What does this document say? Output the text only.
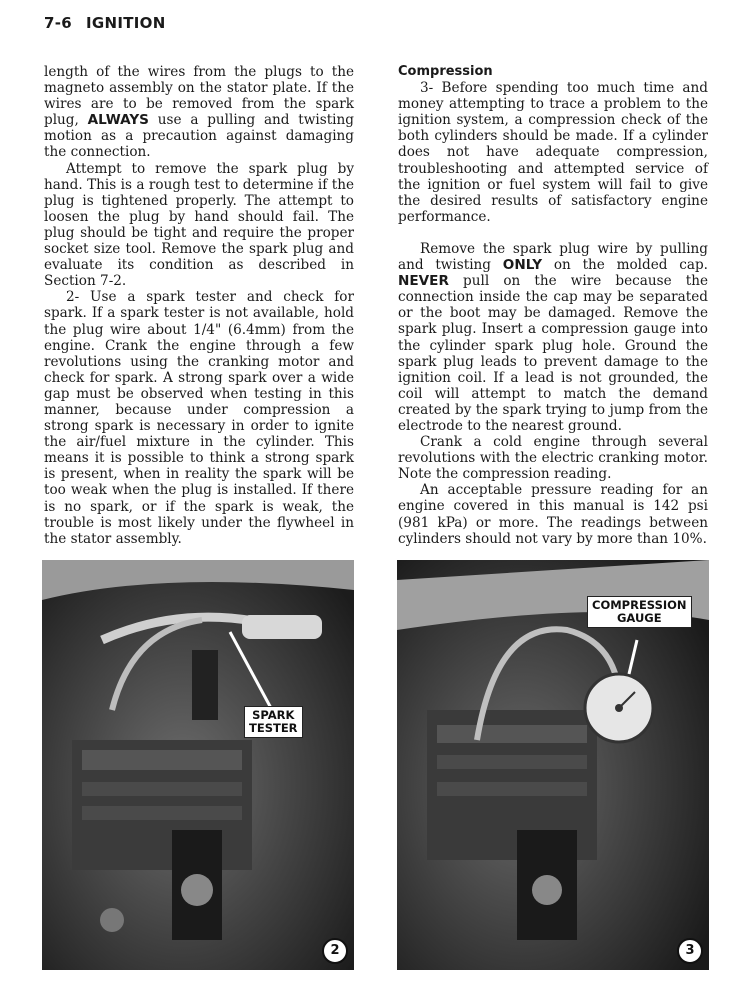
7-6 IGNITION

length of the wires from the plugs to the magneto assembly on the stator plate. If the wires are to be removed from the spark plug, ALWAYS use a pulling and twisting motion as a precaution against damaging the connection.

Attempt to remove the spark plug by hand. This is a rough test to determine if the plug is tightened properly. The attempt to loosen the plug by hand should fail. The plug should be tight and require the proper socket size tool. Remove the spark plug and evaluate its condition as described in Section 7-2.

2- Use a spark tester and check for spark. If a spark tester is not available, hold the plug wire about 1/4" (6.4mm) from the engine. Crank the engine through a few revolutions using the cranking motor and check for spark. A strong spark over a wide gap must be observed when testing in this manner, because under compression a strong spark is necessary in order to ignite the air/fuel mixture in the cylinder. This means it is possible to think a strong spark is present, when in reality the spark will be too weak when the plug is installed. If there is no spark, or if the spark is weak, the trouble is most likely under the flywheel in the stator assembly.

Compression

3- Before spending too much time and money attempting to trace a problem to the ignition system, a compression check of the both cylinders should be made. If a cylinder does not have adequate compression, troubleshooting and attempted service of the ignition or fuel system will fail to give the desired results of satisfactory engine performance.

Remove the spark plug wire by pulling and twisting ONLY on the molded cap. NEVER pull on the wire because the connection inside the cap may be separated or the boot may be damaged. Remove the spark plug. Insert a compression gauge into the cylinder spark plug hole. Ground the spark plug leads to prevent damage to the ignition coil. If a lead is not grounded, the coil will attempt to match the demand created by the spark trying to jump from the electrode to the nearest ground.

Crank a cold engine through several revolutions with the electric cranking motor. Note the compression reading.

An acceptable pressure reading for an engine covered in this manual is 142 psi (981 kPa) or more. The readings between cylinders should not vary by more than 10%.

SPARK
TESTER
2
COMPRESSION
GAUGE
3
